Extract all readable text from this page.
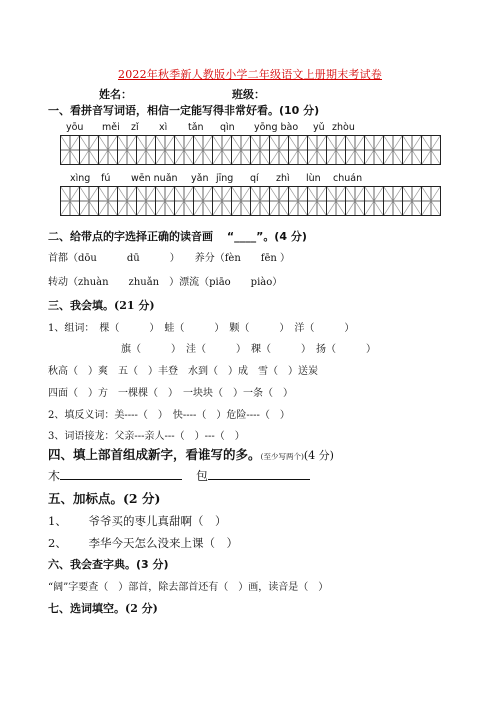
2022年秋季新人教版小学二年级语文上册期末考试卷
姓名：	班级：
一、看拼音写词语，相信一定能写得非常好看。(10 分)
yōu měi zǐ xì tǎn qìn yōng bào yǔ zhòu
xìng fú wēn nuǎn yǎn jīng qí zhì lùn chuán
二、给带点的字选择正确的读音画 “____”。(4 分)
首都（dōu　　　dū　　　）　　养分（fèn　　fēn ）
转动（zhuàn　　zhuǎn　）漂流（piāo　　piào）
三、我会填。(21 分)
1、组词：　棵（　　　）　蛙（　　　）　颗（　　　）　洋（　　　）
旗（　　　）　洼（　　　）　稞（　　　）　扬（　　　）
秋高（　）爽　五（　）丰登　水到（　）成　雪（　）送炭
四面（　）方　一棵棵（　）　一块块（　）一条（　）
2、填反义词：美----（　）　快----（　）危险----（　）
3、词语接龙：父亲---亲人---（　）---（　）
四、填上部首组成新字，看谁写的多。(至少写两个)(4 分)
木	包
五、加标点。(2 分)
1、 爷爷买的枣儿真甜啊（　）
2、 李华今天怎么没来上课（　）
六、我会查字典。(3 分)
“阔”字要查（　）部首，除去部首还有（　）画，读音是（　）
七、选词填空。(2 分)
